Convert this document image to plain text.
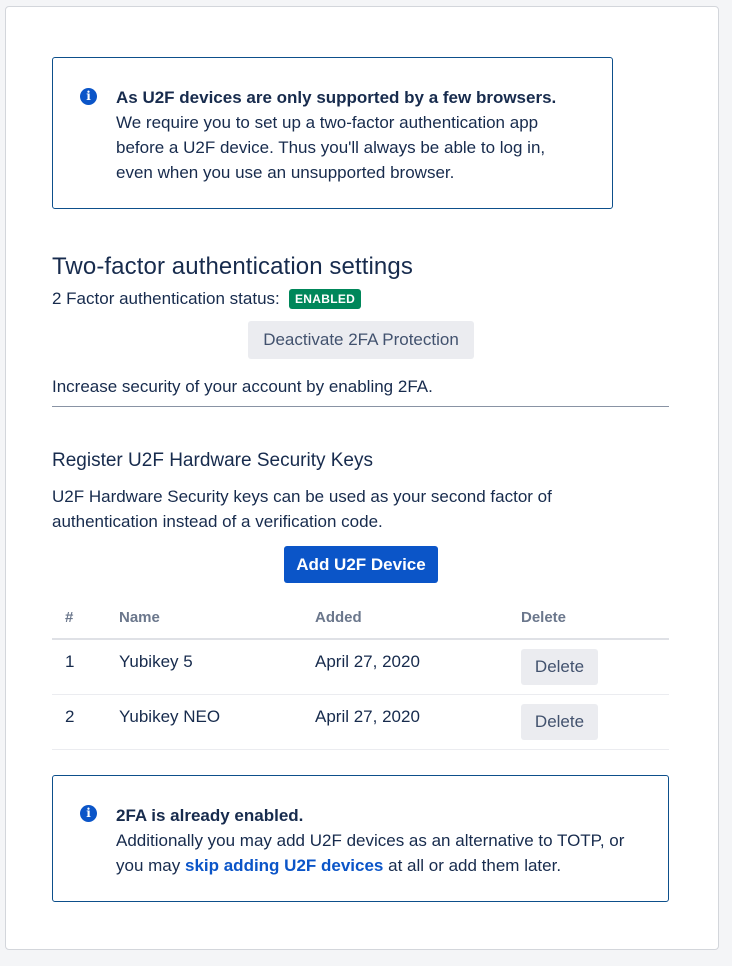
i	As U2F devices are only supported by a few browsers.
We require you to set up a two-factor authentication app
before a U2F device. Thus you'll always be able to log in,
even when you use an unsupported browser.
Two-factor authentication settings
2 Factor authentication status:	ENABLED
Deactivate 2FA Protection
Increase security of your account by enabling 2FA.
Register U2F Hardware Security Keys
U2F Hardware Security keys can be used as your second factor of
authentication instead of a verification code.
Add U2F Device
#	Name	Added	Delete
1	Yubikey 5	April 27, 2020	Delete
2	Yubikey NEO	April 27, 2020	Delete
i	2FA is already enabled.
Additionally you may add U2F devices as an alternative to TOTP, or
you may skip adding U2F devices at all or add them later.
